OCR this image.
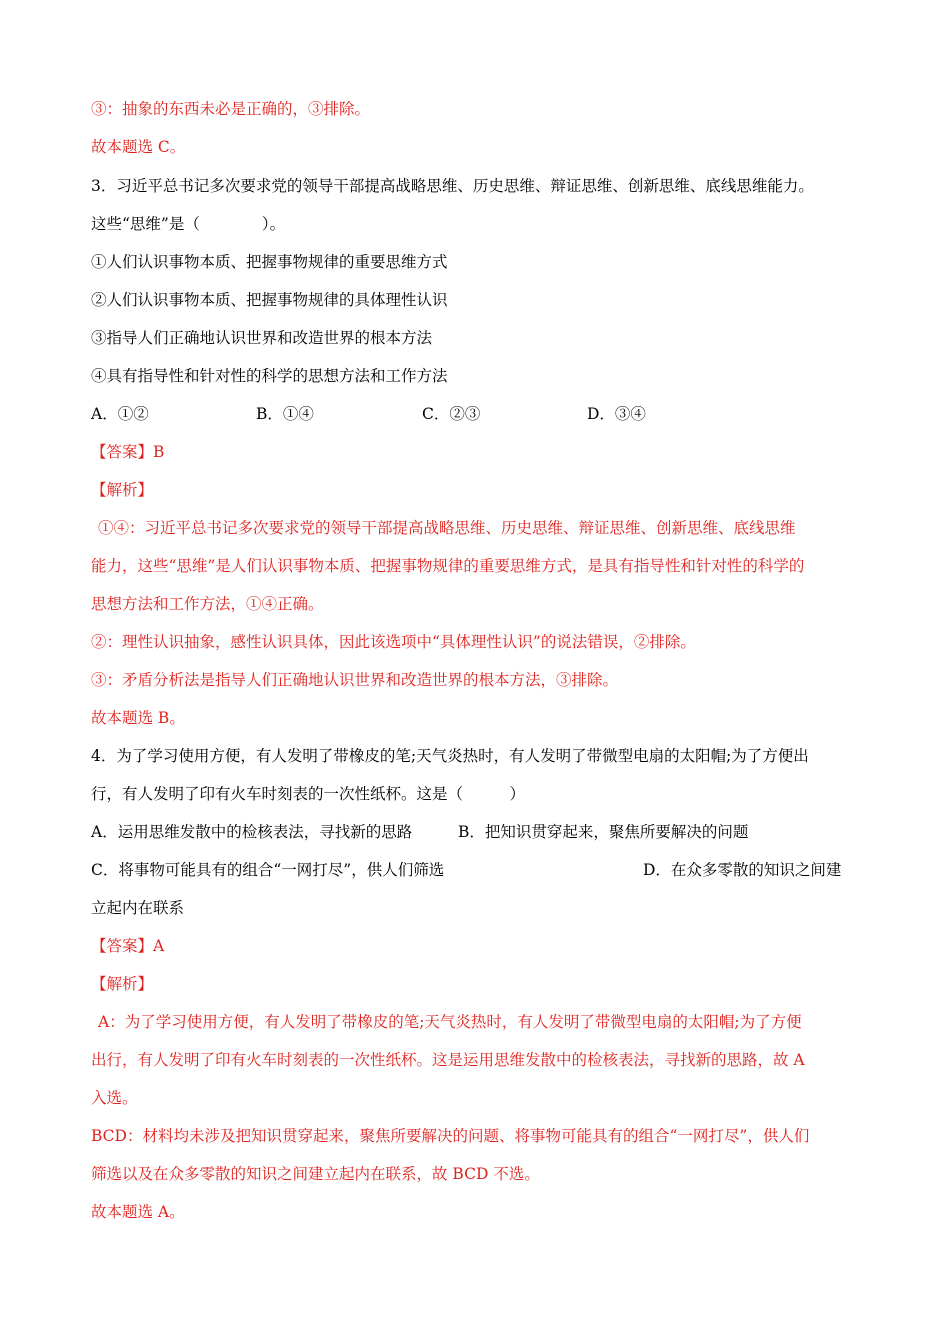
③：抽象的东西未必是正确的，③排除。
故本题选 C。
3．习近平总书记多次要求党的领导干部提高战略思维、历史思维、辩证思维、创新思维、底线思维能力。
这些“思维”是（　　　　）。
①人们认识事物本质、把握事物规律的重要思维方式
②人们认识事物本质、把握事物规律的具体理性认识
③指导人们正确地认识世界和改造世界的根本方法
④具有指导性和针对性的科学的思想方法和工作方法
A．①②	B．①④	C．②③	D．③④
【答案】B
【解析】
①④：习近平总书记多次要求党的领导干部提高战略思维、历史思维、辩证思维、创新思维、底线思维
能力，这些“思维”是人们认识事物本质、把握事物规律的重要思维方式，是具有指导性和针对性的科学的
思想方法和工作方法，①④正确。
②：理性认识抽象，感性认识具体，因此该选项中“具体理性认识”的说法错误，②排除。
③：矛盾分析法是指导人们正确地认识世界和改造世界的根本方法，③排除。
故本题选 B。
4．为了学习使用方便，有人发明了带橡皮的笔;天气炎热时，有人发明了带微型电扇的太阳帽;为了方便出
行，有人发明了印有火车时刻表的一次性纸杯。这是（　　　）
A．运用思维发散中的检核表法，寻找新的思路	B．把知识贯穿起来，聚焦所要解决的问题
C．将事物可能具有的组合“一网打尽”，供人们筛选	D．在众多零散的知识之间建
立起内在联系
【答案】A
【解析】
A：为了学习使用方便，有人发明了带橡皮的笔;天气炎热时，有人发明了带微型电扇的太阳帽;为了方便
出行，有人发明了印有火车时刻表的一次性纸杯。这是运用思维发散中的检核表法，寻找新的思路，故 A
入选。
BCD：材料均未涉及把知识贯穿起来，聚焦所要解决的问题、将事物可能具有的组合“一网打尽”，供人们
筛选以及在众多零散的知识之间建立起内在联系，故 BCD 不选。
故本题选 A。
